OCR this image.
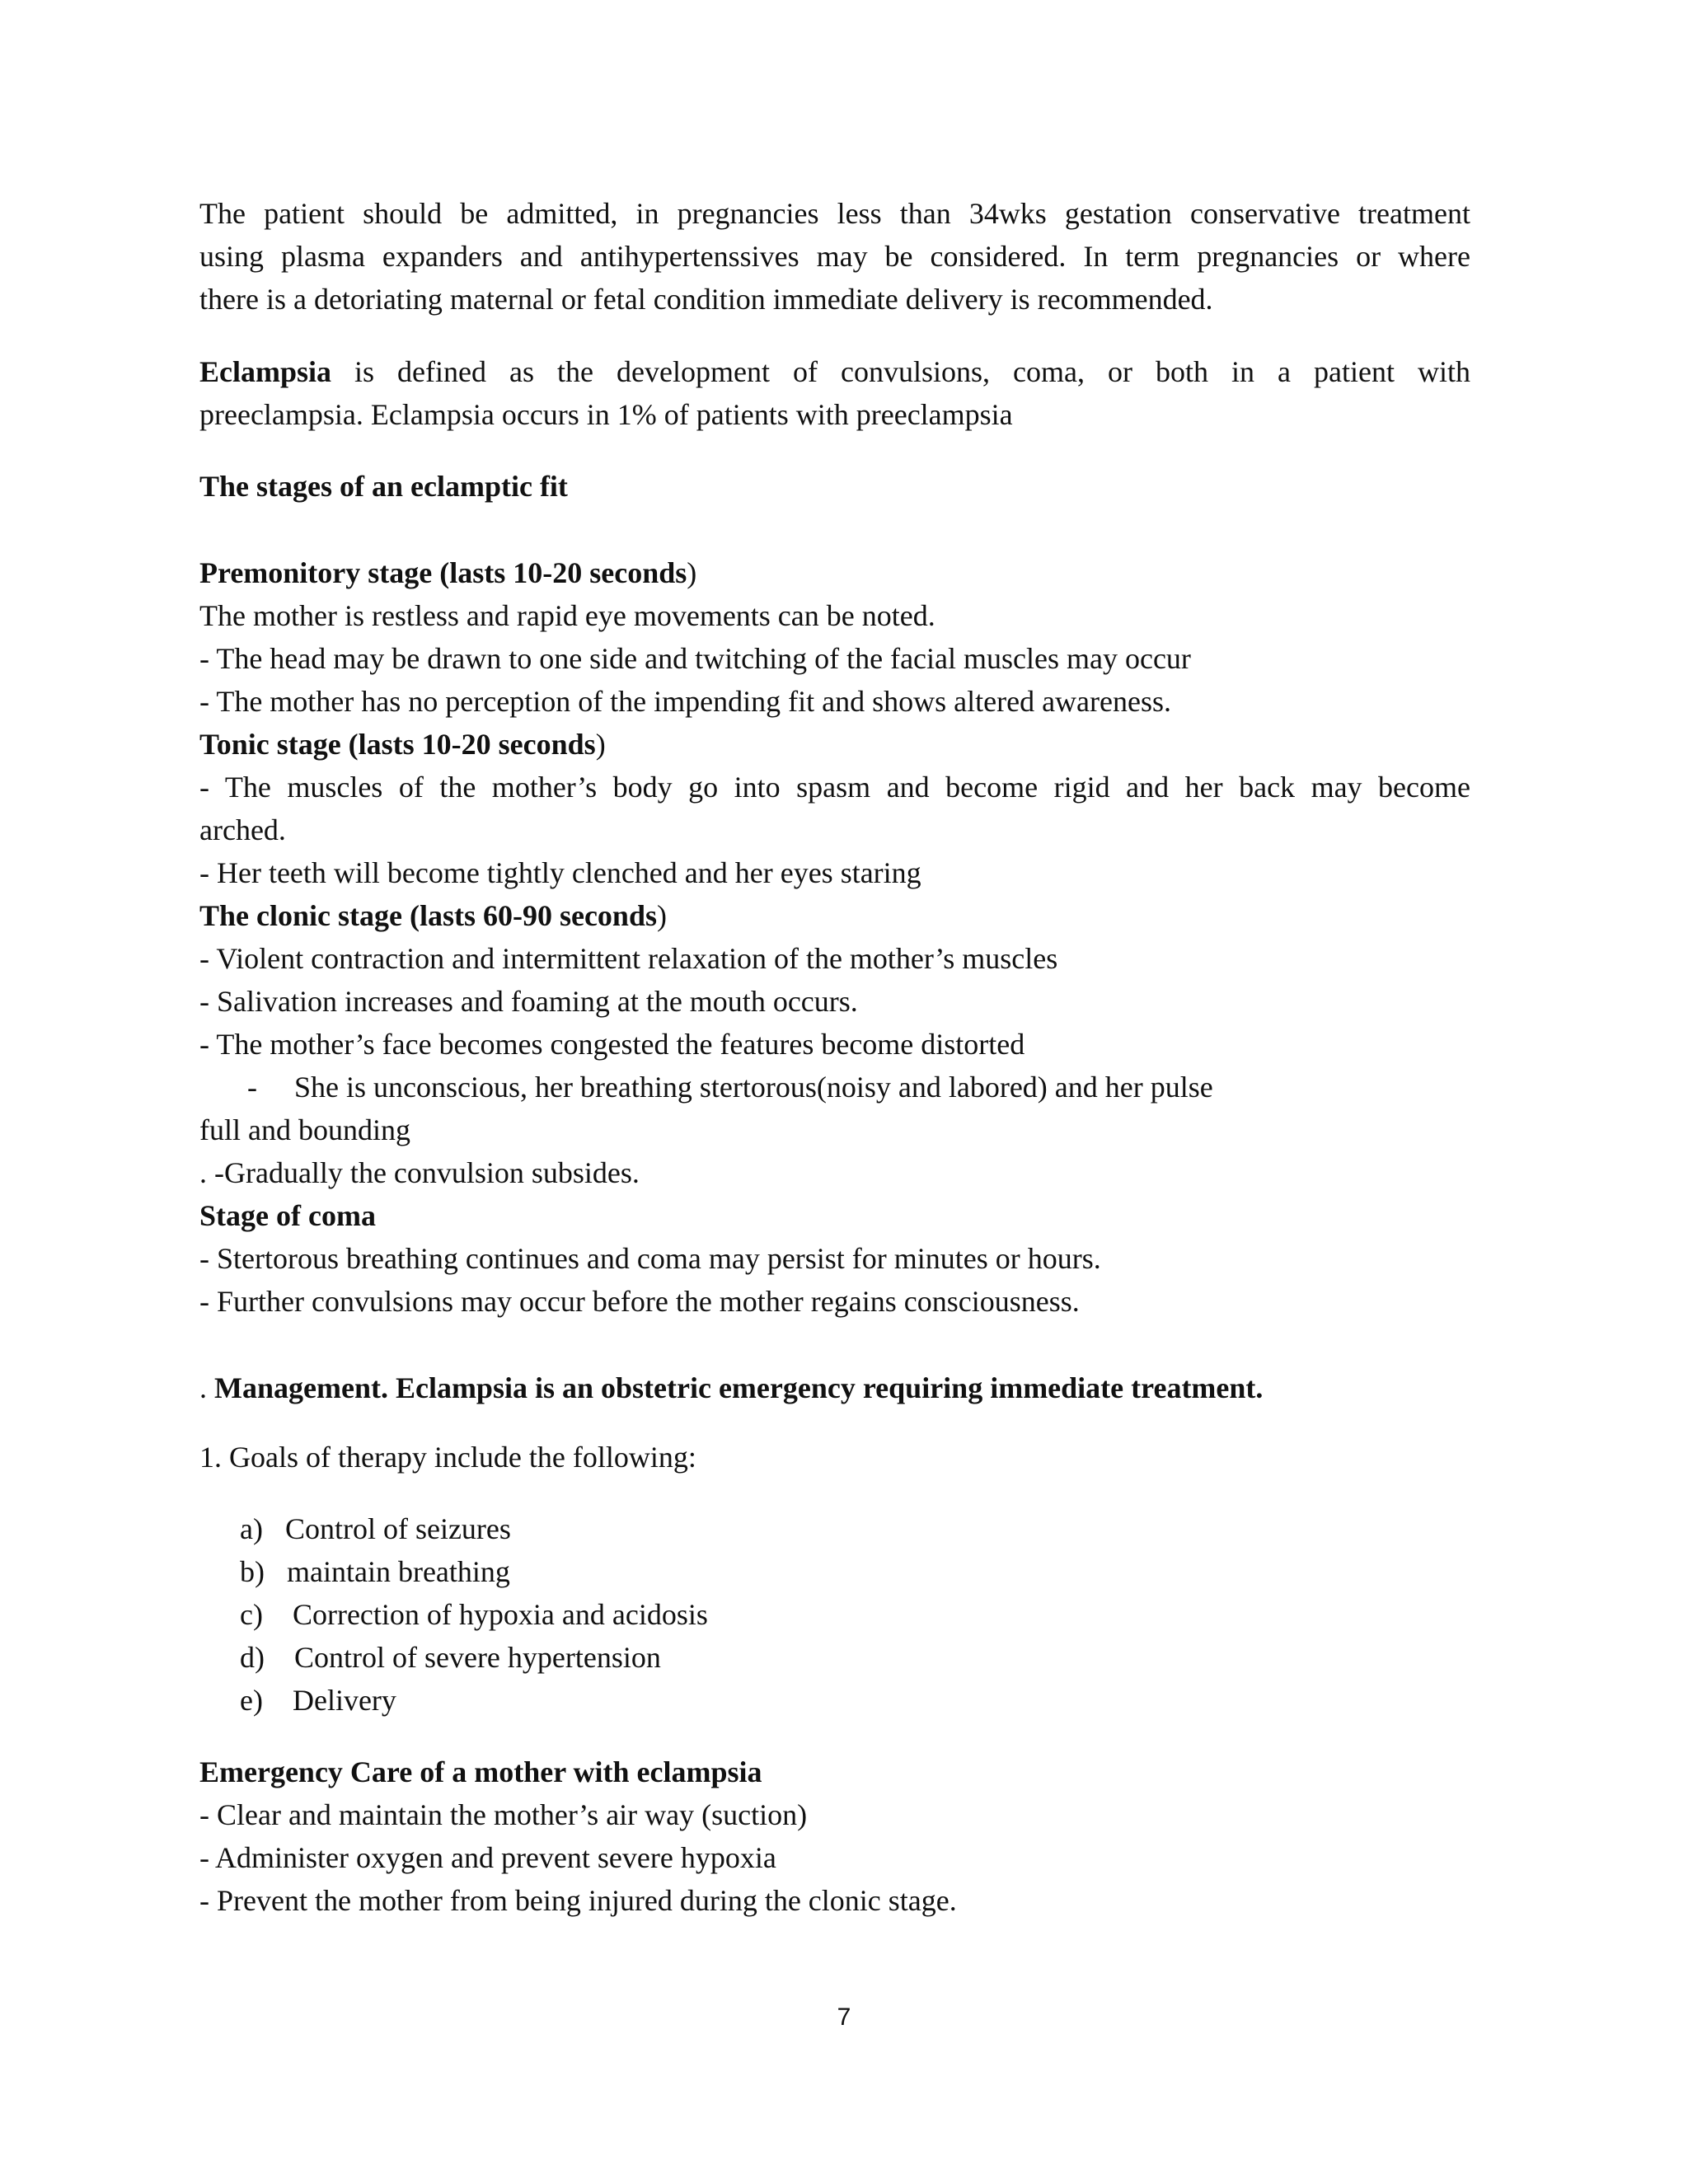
The patient should be admitted, in pregnancies less than 34wks gestation conservative treatment
using plasma expanders and antihypertenssives may be considered. In term pregnancies or where
there is a detoriating maternal or fetal condition immediate delivery is recommended.
Eclampsia is defined as the development of convulsions, coma, or both in a patient with
preeclampsia. Eclampsia occurs in 1% of patients with preeclampsia
The stages of an eclamptic fit
Premonitory stage (lasts 10-20 seconds)
The mother is restless and rapid eye movements can be noted.
- The head may be drawn to one side and twitching of the facial muscles may occur
- The mother has no perception of the impending fit and shows altered awareness.
Tonic stage (lasts 10-20 seconds)
- The muscles of the mother’s body go into spasm and become rigid and her back may become
arched.
- Her teeth will become tightly clenched and her eyes staring
The clonic stage (lasts 60-90 seconds)
- Violent contraction and intermittent relaxation of the mother’s muscles
- Salivation increases and foaming at the mouth occurs.
- The mother’s face becomes congested the features become distorted
-     She is unconscious, her breathing stertorous(noisy and labored) and her pulse
full and bounding
. -Gradually the convulsion subsides.
Stage of coma
- Stertorous breathing continues and coma may persist for minutes or hours.
- Further convulsions may occur before the mother regains consciousness.
. Management. Eclampsia is an obstetric emergency requiring immediate treatment.
1. Goals of therapy include the following:
a)   Control of seizures
b)   maintain breathing
c)    Correction of hypoxia and acidosis
d)    Control of severe hypertension
e)    Delivery
Emergency Care of a mother with eclampsia
- Clear and maintain the mother’s air way (suction)
- Administer oxygen and prevent severe hypoxia
- Prevent the mother from being injured during the clonic stage.
7
